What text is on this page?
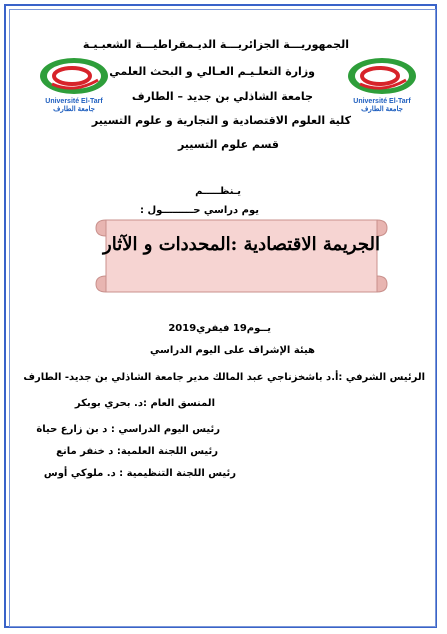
Université El-Tarf
جامعة الطارف
Université El-Tarf
جامعة الطارف
الجمهوريـــة الجزائريـــة الديـمقراطيـــة الشعبـيـة
وزارة التعلـيـم العـالي و البحث العلمي
جامعة الشاذلي بن جديد – الطارف
كلية العلوم الاقتصادية و التجارية و علوم التسيير
قسم علوم التسيير
يـنظـــــم
يوم دراسي حـــــــــول :
الجريمة الاقتصادية :المحددات و الآثار
يــوم19 فيفري2019
هيئة الإشراف على اليوم الدراسي
الرئيس الشرفي :أ.د باشخزناجي عبد المالك مدير جامعة الشاذلي بن جديد- الطارف
المنسق العام :د. بحري بوبكر
رئيس اليوم الدراسي : د بن زارع حياة
رئيس اللجنة العلمية: د خنفر مانع
رئيس اللجنة التنظيمية : د. ملوكي أوس
